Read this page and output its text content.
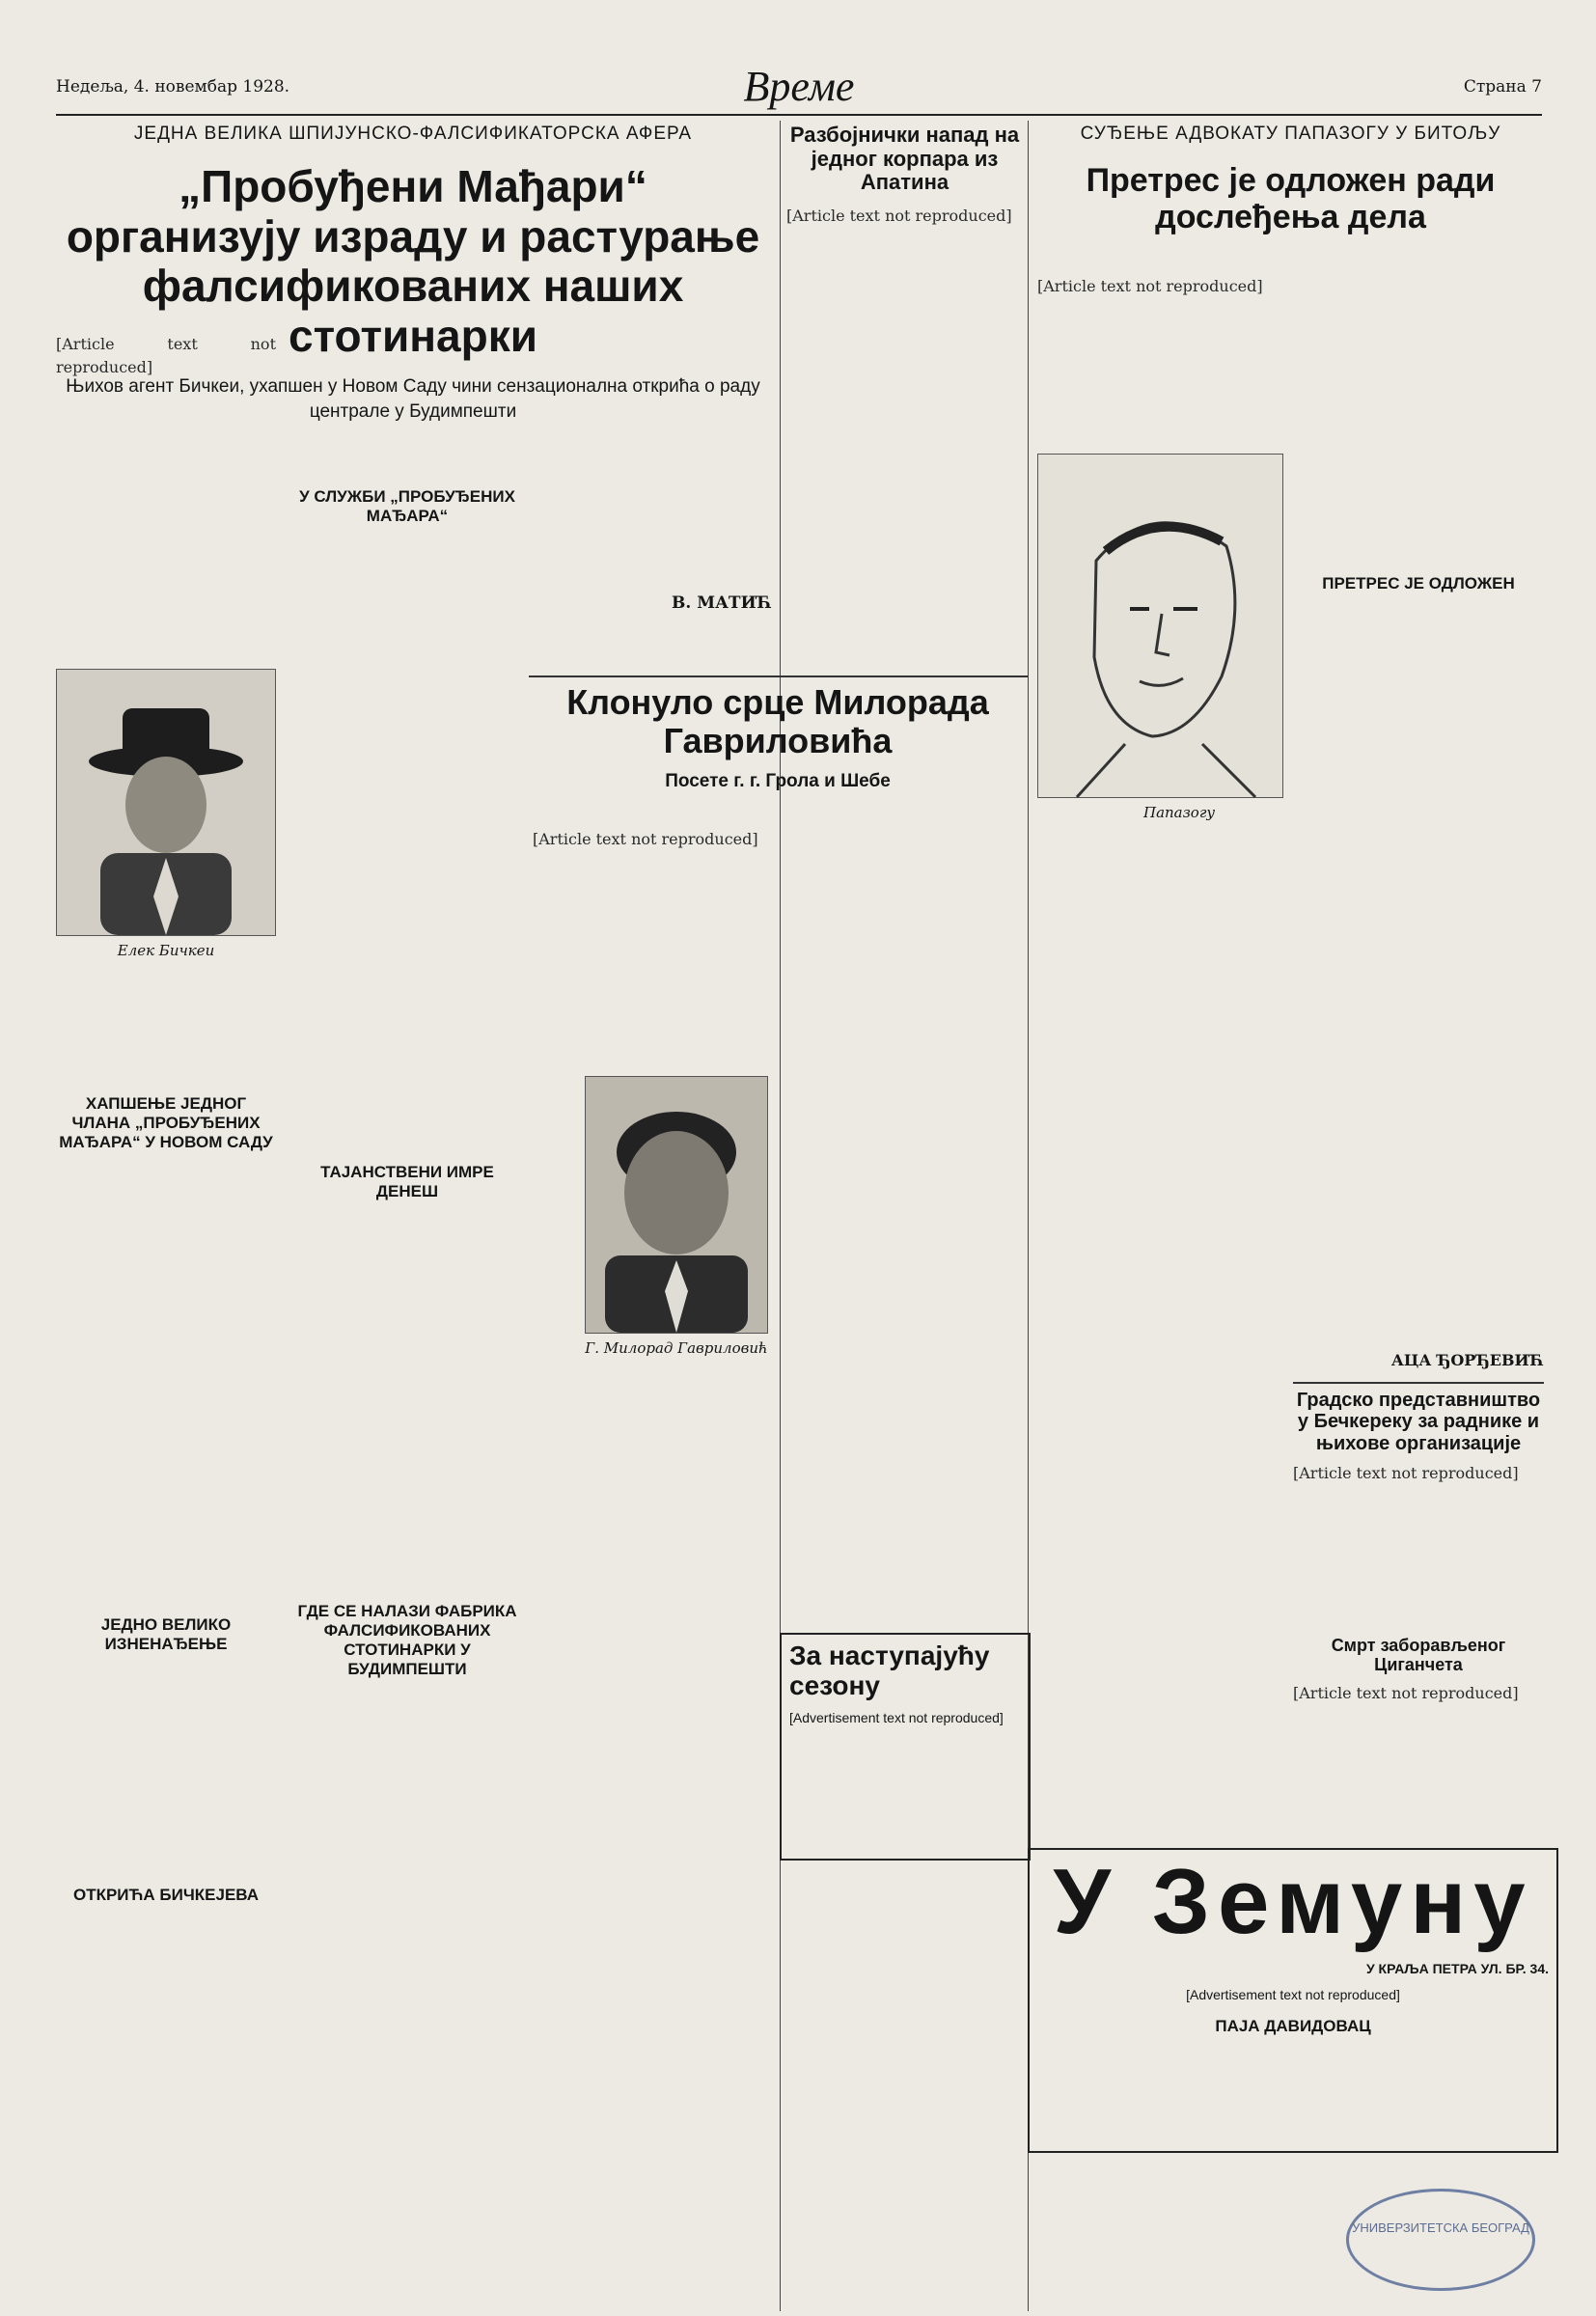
Недеља, 4. новембар 1928.	Време	Страна 7
ЈЕДНА ВЕЛИКА ШПИЈУНСКО-ФАЛСИФИКАТОРСКА АФЕРА
„Пробуђени Мађари“ организују израду и растурање фалсификованих наших стотинарки
Њихов агент Бичкеи, ухапшен у Новом Саду чини сензационална открића о раду централе у Будимпешти
[Article text not reproduced]
Елек Бичкеи
ХАПШЕЊЕ ЈЕДНОГ ЧЛАНА „ПРОБУЂЕНИХ МАЂАРА“ У НОВОМ САДУ
ЈЕДНО ВЕЛИКО ИЗНЕНАЂЕЊЕ
ОТКРИЋА БИЧКЕЈЕВА
У СЛУЖБИ „ПРОБУЂЕНИХ МАЂАРА“
ТАЈАНСТВЕНИ ИМРЕ ДЕНЕШ
В. МАТИЋ
ГДЕ СЕ НАЛАЗИ ФАБРИКА ФАЛСИФИКОВАНИХ СТОТИНАРКИ У БУДИМПЕШТИ
Разбојнички напад на једног корпара из Апатина
[Article text not reproduced]
Клонуло срце Милорада Гавриловића
Посете г. г. Грола и Шебе
[Article text not reproduced]
Г. Милорад Гавриловић
За наступајућу сезону
[Advertisement text not reproduced]
СУЂЕЊЕ АДВОКАТУ ПАПАЗОГУ У БИТОЉУ
Претрес је одложен ради дослеђења дела
[Article text not reproduced]
Папазогу
ПРЕТРЕС ЈЕ ОДЛОЖЕН
АЦА ЂОРЂЕВИЋ
Градско представништво у Бечкереку за раднике и њихове организације
[Article text not reproduced]
Смрт заборављеног Циганчета
[Article text not reproduced]
У Земуну
У КРАЉА ПЕТРА УЛ. БР. 34.
[Advertisement text not reproduced]
ПАЈА ДАВИДОВАЦ
УНИВЕРЗИТЕТСКА БЕОГРАД
